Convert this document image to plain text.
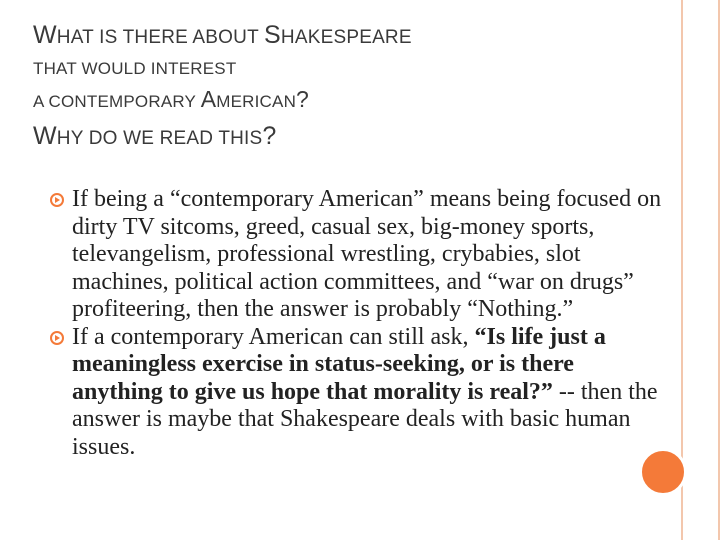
WHAT IS THERE ABOUT SHAKESPEARE
THAT WOULD INTEREST
A CONTEMPORARY AMERICAN?
WHY DO WE READ THIS?

If being a “contemporary American” means being focused on dirty TV sitcoms, greed, casual sex, big-money sports, televangelism, professional wrestling, crybabies, slot machines, political action committees, and “war on drugs” profiteering, then the answer is probably “Nothing.”

If a contemporary American can still ask, “Is life just a meaningless exercise in status-seeking, or is there anything to give us hope that morality is real?” -- then the answer is maybe that Shakespeare deals with basic human issues.
